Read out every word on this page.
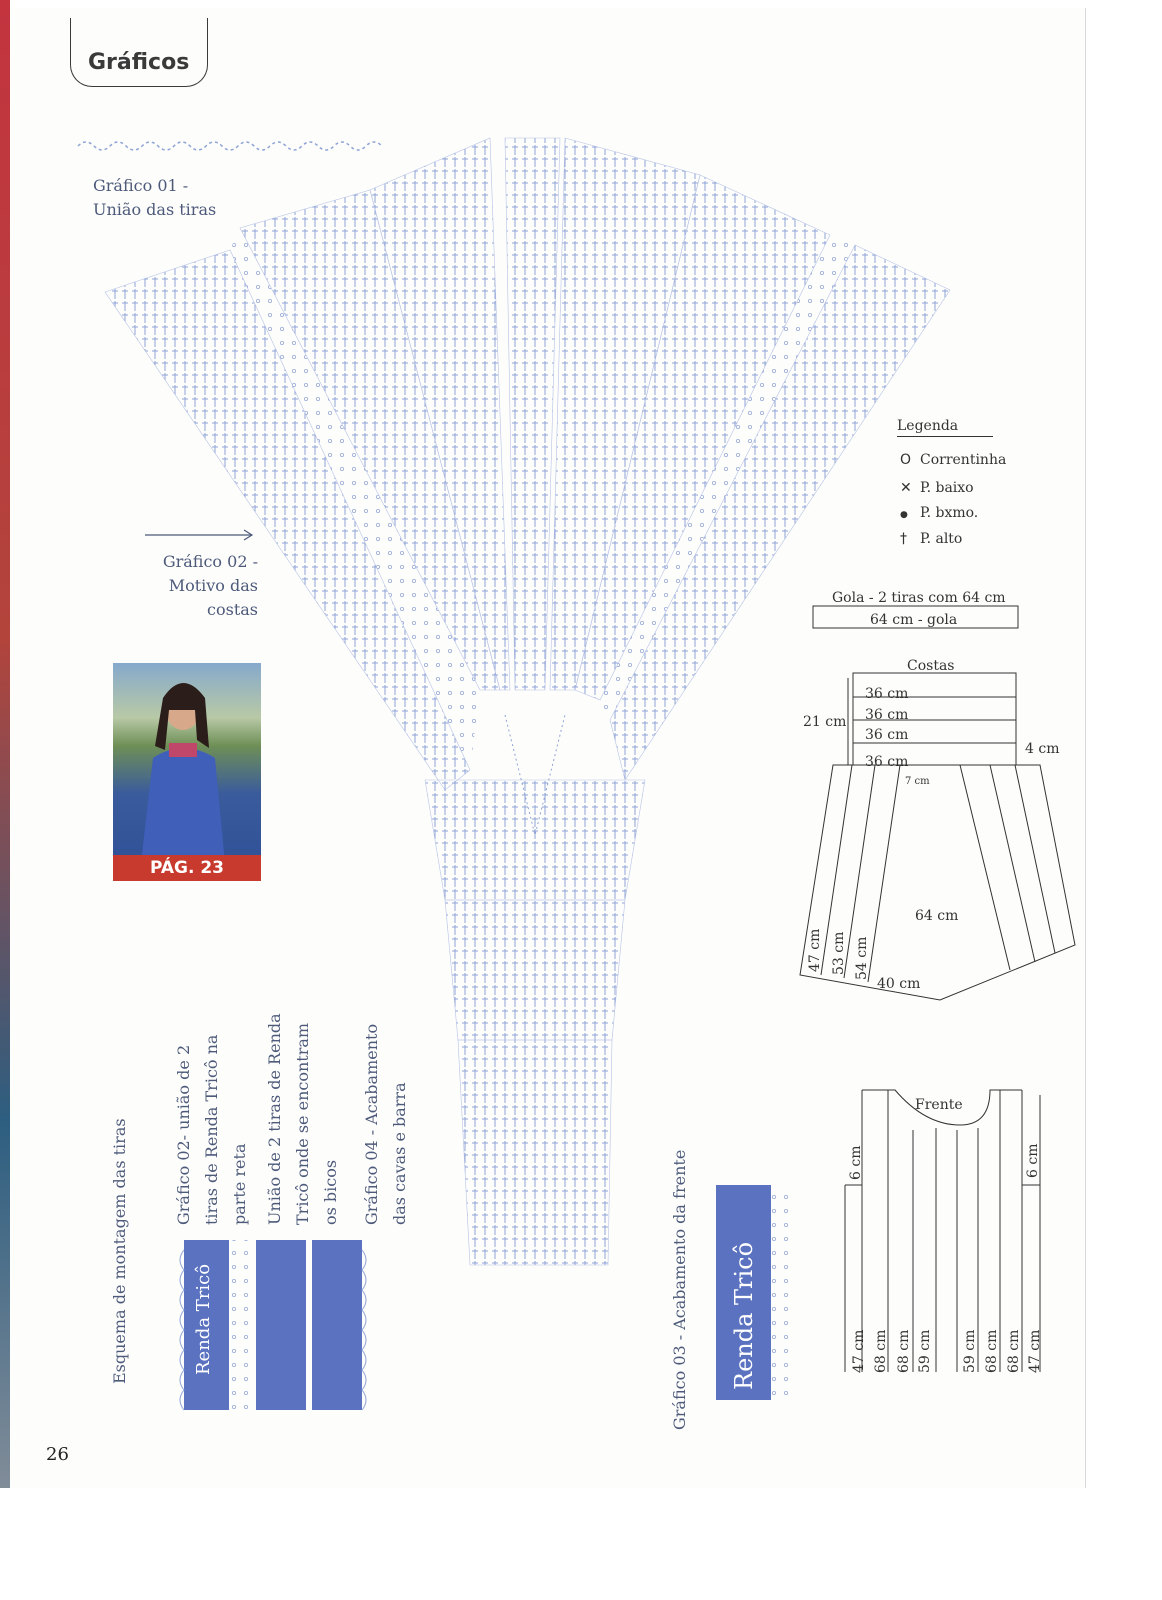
Gráficos
Gráfico 01 -
União das tiras
Gráfico 02 -
Motivo das
costas
Legenda
O Correntinha
✕ P. baixo
● P. bxmo.
† P. alto
Gola - 2 tiras com 64 cm
64 cm - gola
Costas
36 cm
36 cm
36 cm
36 cm
21 cm
4 cm
7 cm
64 cm
40 cm
47 cm 53 cm 54 cm
Frente
6 cm	6 cm
47 cm 68 cm 68 cm 59 cm 59 cm 68 cm 68 cm 47 cm
PÁG. 23
Esquema de montagem das tiras	Gráfico 02- união de 2 tiras de Renda Tricô na parte reta	União de 2 tiras de Renda Tricô onde se encontram os bicos	Gráfico 04 - Acabamento das cavas e barra
Renda Tricô	Gráfico 03 - Acabamento da frente Renda Tricô
26
